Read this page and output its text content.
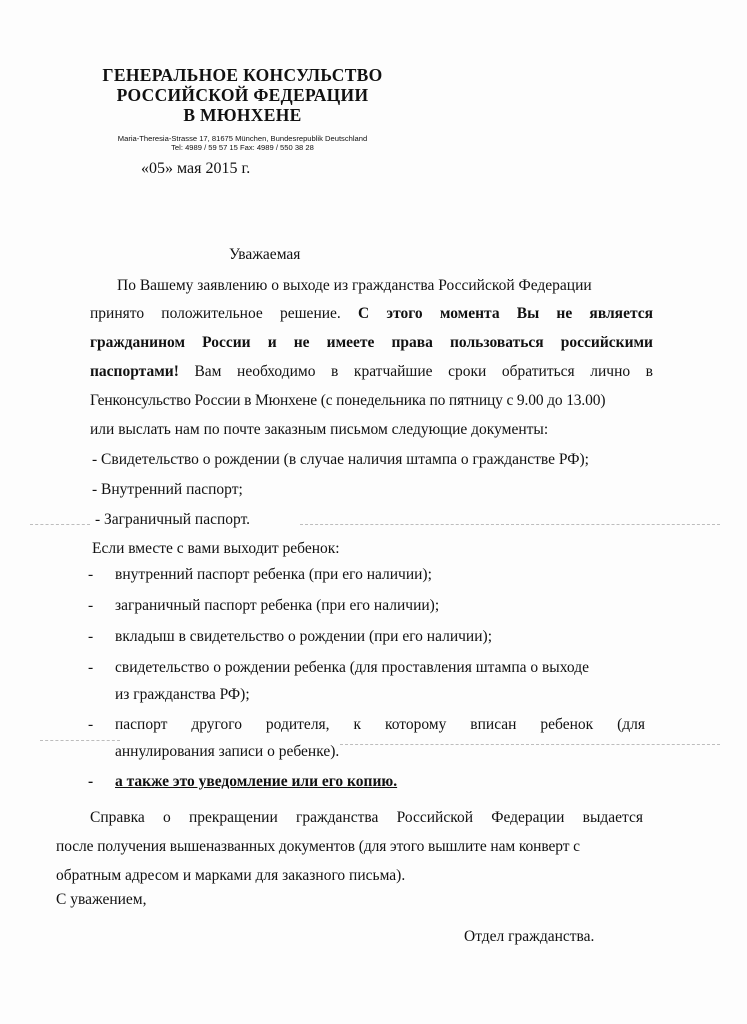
ГЕНЕРАЛЬНОЕ КОНСУЛЬСТВО
РОССИЙСКОЙ ФЕДЕРАЦИИ
В МЮНХЕНЕ
Maria-Theresia-Strasse 17, 81675 München, Bundesrepublik Deutschland
Tel: 4989 / 59 57 15 Fax: 4989 / 550 38 28
«05» мая 2015 г.
Уважаемая
По Вашему заявлению о выходе из гражданства Российской Федерации
принято положительное решение. С этого момента Вы не является
гражданином России и не имеете права пользоваться российскими
паспортами! Вам необходимо в кратчайшие сроки обратиться лично в
Генконсульство России в Мюнхене (с понедельника по пятницу с 9.00 до 13.00)
или выслать нам по почте заказным письмом следующие документы:
- Свидетельство о рождении (в случае наличия штампа о гражданстве РФ);
- Внутренний паспорт;
- Заграничный паспорт.
Если вместе с вами выходит ребенок:
- внутренний паспорт ребенка (при его наличии);
- заграничный паспорт ребенка (при его наличии);
- вкладыш в свидетельство о рождении (при его наличии);
- свидетельство о рождении ребенка (для проставления штампа о выходе
из гражданства РФ);
- паспорт другого родителя, к которому вписан ребенок (для
аннулирования записи о ребенке).
- а также это уведомление или его копию.
Справка о прекращении гражданства Российской Федерации выдается
после получения вышеназванных документов (для этого вышлите нам конверт с
обратным адресом и марками для заказного письма).
С уважением,
Отдел гражданства.
